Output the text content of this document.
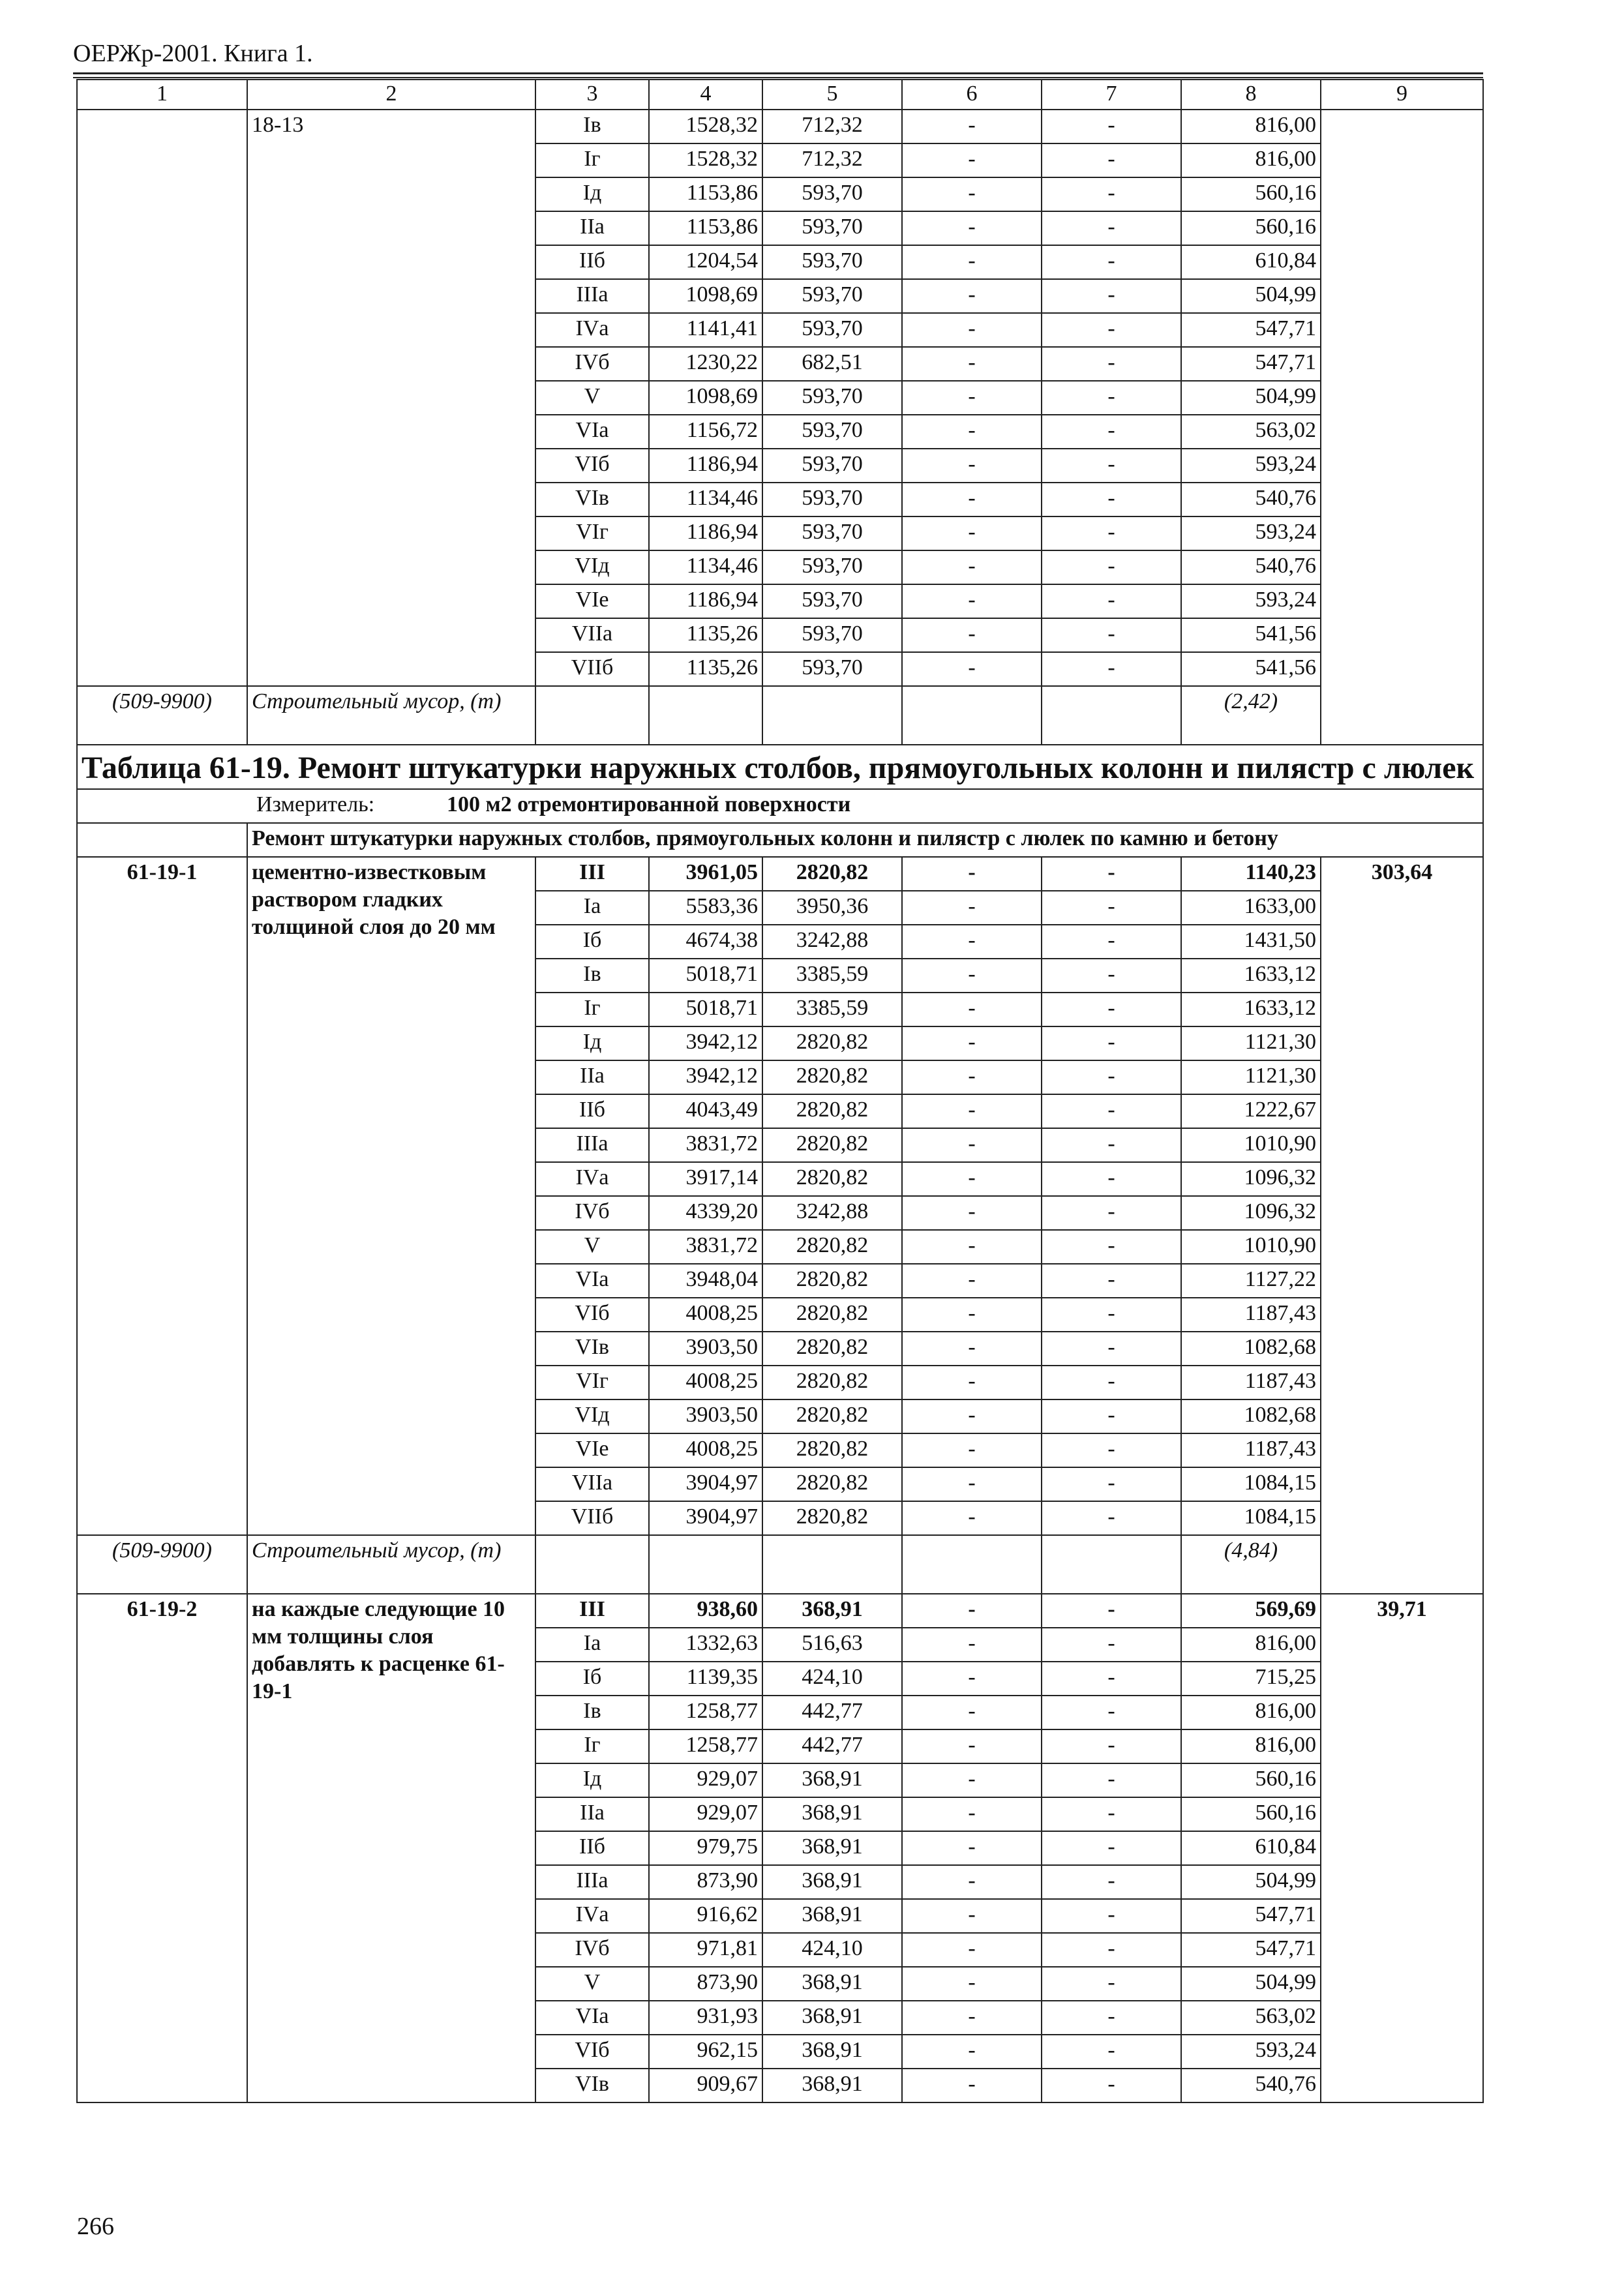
ОЕРЖр-2001. Книга 1.
1	2	3	4	5	6	7	8	9
	18-13	Iв	1528,32	712,32	-	-	816,00	
		Iг	1528,32	712,32	-	-	816,00	
		Iд	1153,86	593,70	-	-	560,16	
		IIа	1153,86	593,70	-	-	560,16	
		IIб	1204,54	593,70	-	-	610,84	
		IIIа	1098,69	593,70	-	-	504,99	
		IVа	1141,41	593,70	-	-	547,71	
		IVб	1230,22	682,51	-	-	547,71	
		V	1098,69	593,70	-	-	504,99	
		VIа	1156,72	593,70	-	-	563,02	
		VIб	1186,94	593,70	-	-	593,24	
		VIв	1134,46	593,70	-	-	540,76	
		VIг	1186,94	593,70	-	-	593,24	
		VIд	1134,46	593,70	-	-	540,76	
		VIе	1186,94	593,70	-	-	593,24	
		VIIа	1135,26	593,70	-	-	541,56	
		VIIб	1135,26	593,70	-	-	541,56	
(509-9900)	Строительный мусор, (т)						(2,42)	
Таблица 61-19. Ремонт штукатурки наружных столбов, прямоугольных колонн и пилястр с люлек								
Измеритель: 100 м2 отремонтированной поверхности								
	Ремонт штукатурки наружных столбов, прямоугольных колонн и пилястр с люлек по камню и бетону							
61-19-1	цементно-известковым раствором гладких толщиной слоя до 20 мм	III	3961,05	2820,82	-	-	1140,23	303,64
		Iа	5583,36	3950,36	-	-	1633,00	
		Iб	4674,38	3242,88	-	-	1431,50	
		Iв	5018,71	3385,59	-	-	1633,12	
		Iг	5018,71	3385,59	-	-	1633,12	
		Iд	3942,12	2820,82	-	-	1121,30	
		IIа	3942,12	2820,82	-	-	1121,30	
		IIб	4043,49	2820,82	-	-	1222,67	
		IIIа	3831,72	2820,82	-	-	1010,90	
		IVа	3917,14	2820,82	-	-	1096,32	
		IVб	4339,20	3242,88	-	-	1096,32	
		V	3831,72	2820,82	-	-	1010,90	
		VIа	3948,04	2820,82	-	-	1127,22	
		VIб	4008,25	2820,82	-	-	1187,43	
		VIв	3903,50	2820,82	-	-	1082,68	
		VIг	4008,25	2820,82	-	-	1187,43	
		VIд	3903,50	2820,82	-	-	1082,68	
		VIе	4008,25	2820,82	-	-	1187,43	
		VIIа	3904,97	2820,82	-	-	1084,15	
		VIIб	3904,97	2820,82	-	-	1084,15	
(509-9900)	Строительный мусор, (т)						(4,84)	
61-19-2	на каждые следующие 10 мм толщины слоя добавлять к расценке 61-19-1	III	938,60	368,91	-	-	569,69	39,71
		Iа	1332,63	516,63	-	-	816,00	
		Iб	1139,35	424,10	-	-	715,25	
		Iв	1258,77	442,77	-	-	816,00	
		Iг	1258,77	442,77	-	-	816,00	
		Iд	929,07	368,91	-	-	560,16	
		IIа	929,07	368,91	-	-	560,16	
		IIб	979,75	368,91	-	-	610,84	
		IIIа	873,90	368,91	-	-	504,99	
		IVа	916,62	368,91	-	-	547,71	
		IVб	971,81	424,10	-	-	547,71	
		V	873,90	368,91	-	-	504,99	
		VIа	931,93	368,91	-	-	563,02	
		VIб	962,15	368,91	-	-	593,24	
		VIв	909,67	368,91	-	-	540,76	
266
